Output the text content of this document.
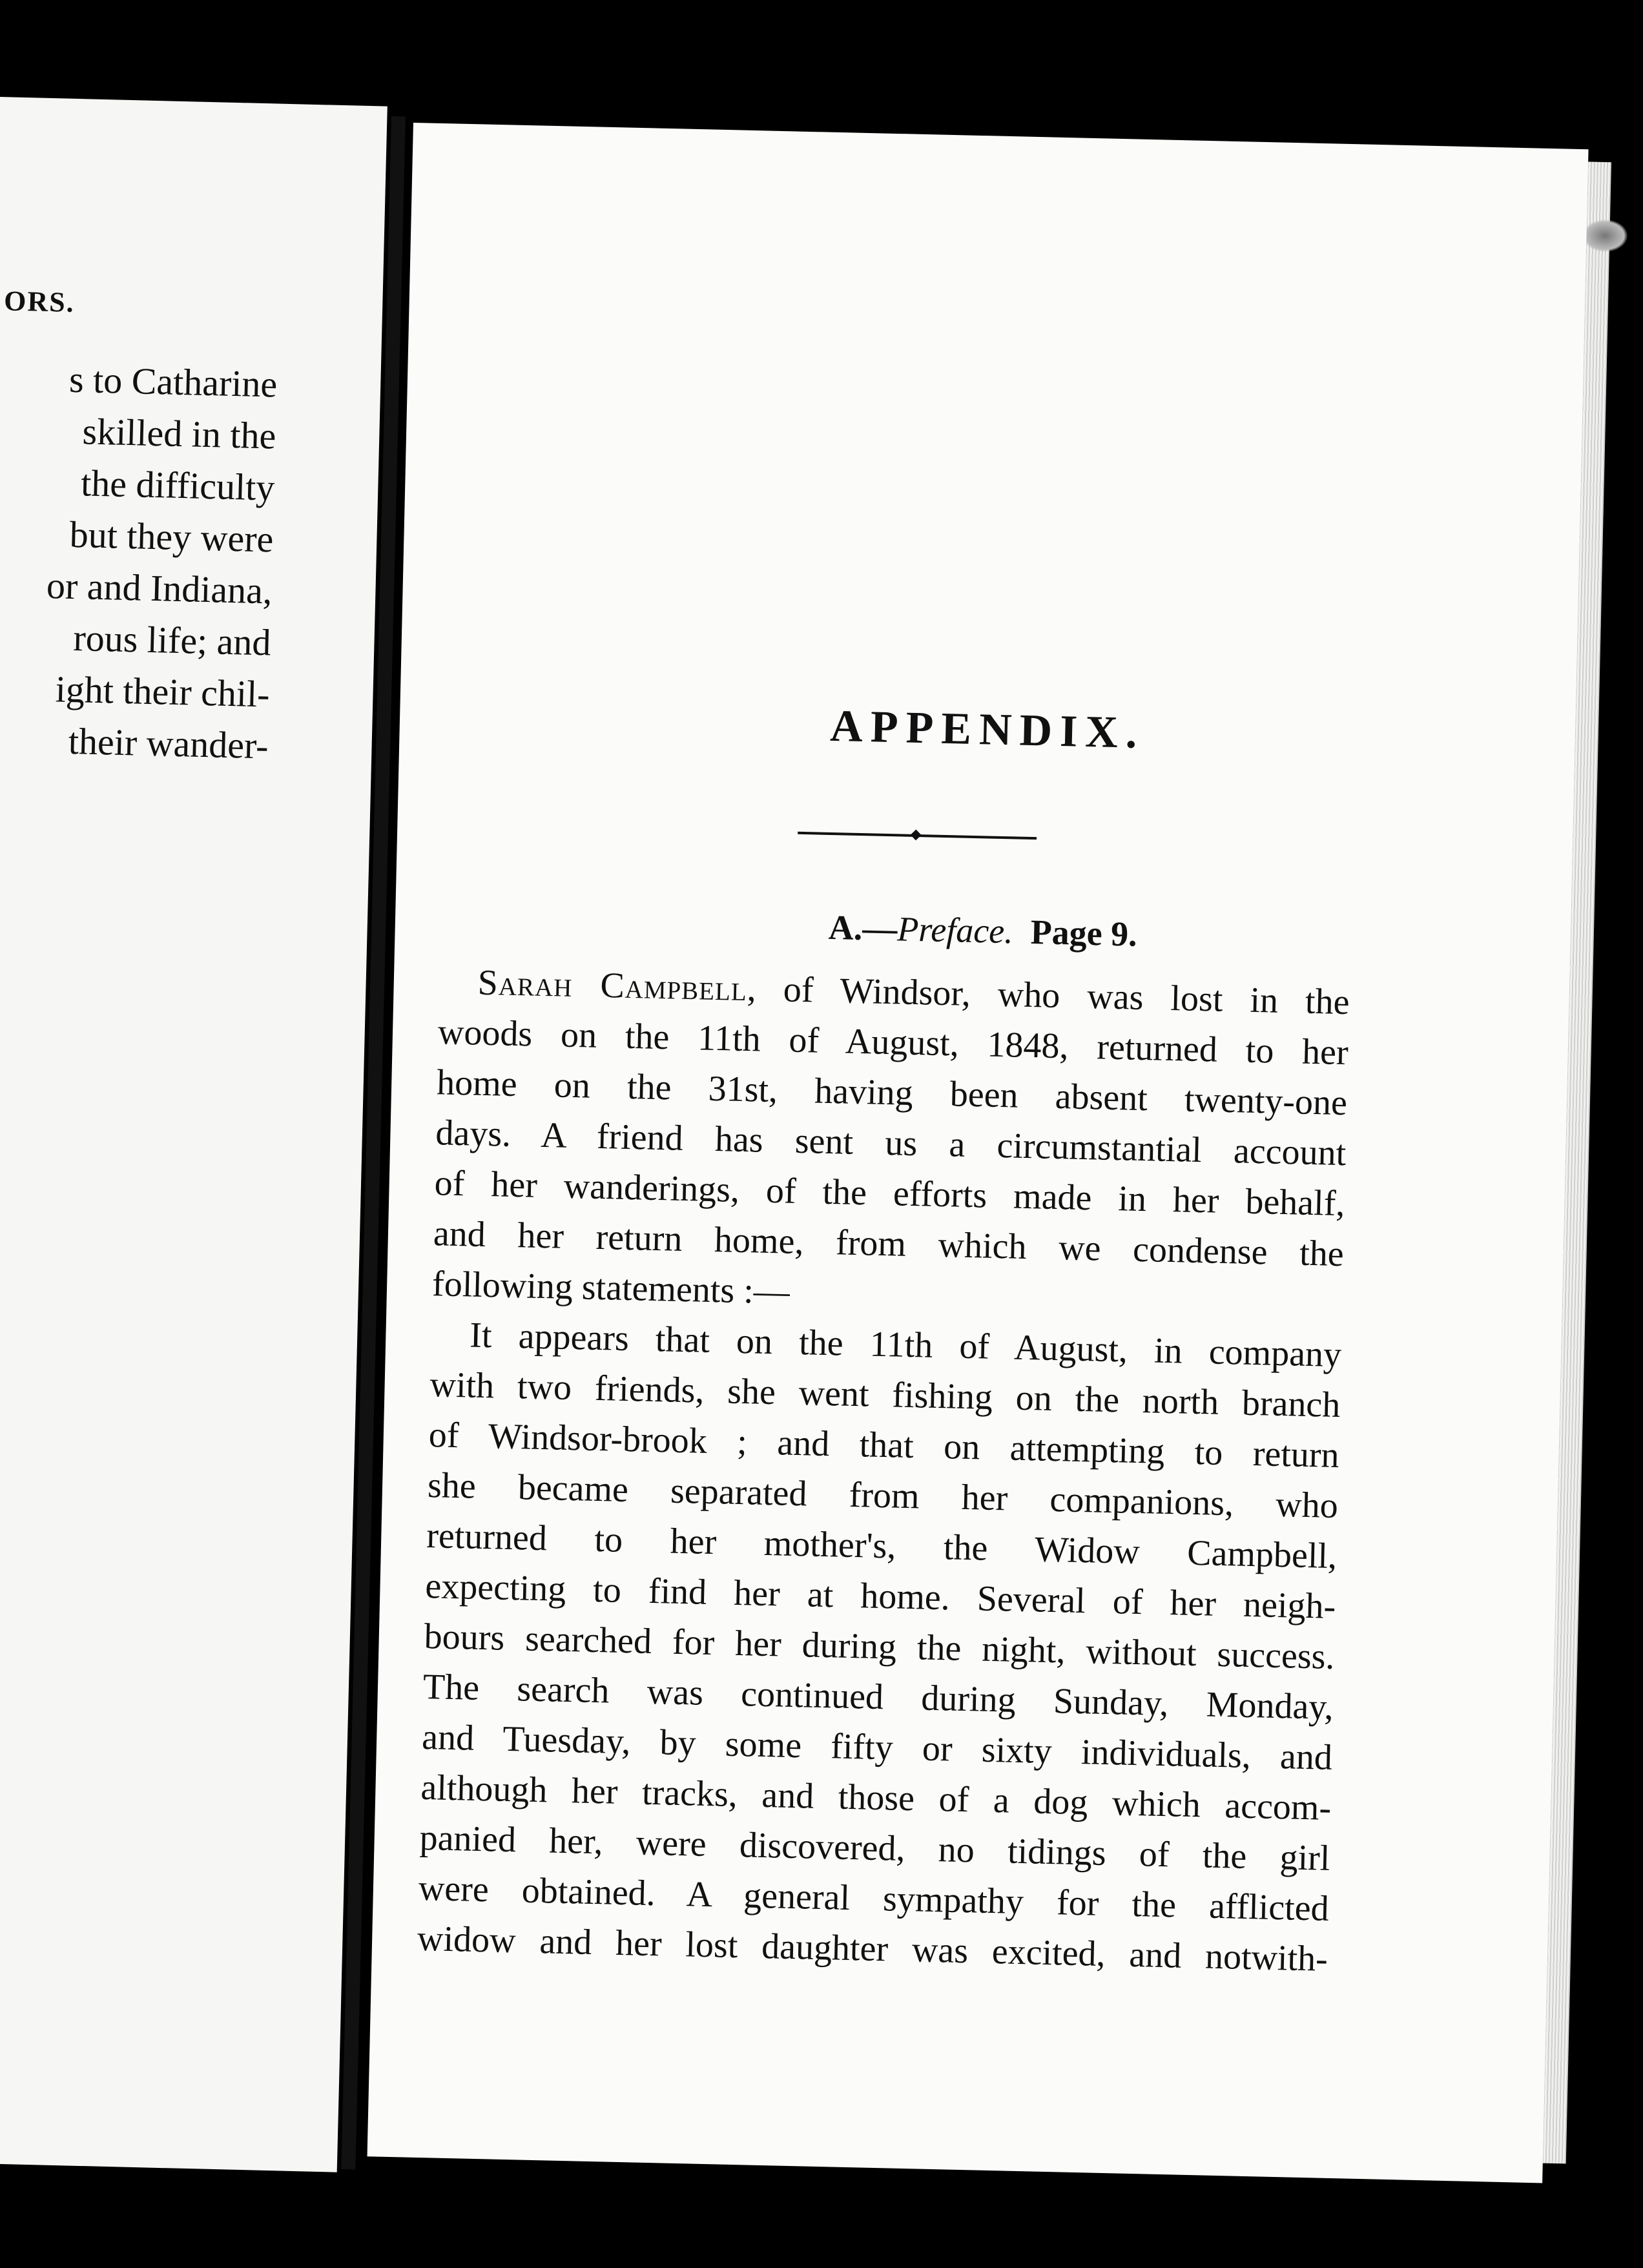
ORS.
s to Catharine
skilled in the
the difficulty
but they were
or and Indiana,
rous life; and
ight their chil-
their wander-	APPENDIX.
A.—Preface. Page 9.

Sarah Campbell, of Windsor, who was lost in the
woods on the 11th of August, 1848, returned to her
home on the 31st, having been absent twenty-one
days. A friend has sent us a circumstantial account
of her wanderings, of the efforts made in her behalf,
and her return home, from which we condense the
following statements :—

It appears that on the 11th of August, in company
with two friends, she went fishing on the north branch
of Windsor-brook ; and that on attempting to return
she became separated from her companions, who
returned to her mother's, the Widow Campbell,
expecting to find her at home. Several of her neigh-
bours searched for her during the night, without success.
The search was continued during Sunday, Monday,
and Tuesday, by some fifty or sixty individuals, and
although her tracks, and those of a dog which accom-
panied her, were discovered, no tidings of the girl
were obtained. A general sympathy for the afflicted
widow and her lost daughter was excited, and notwith-
